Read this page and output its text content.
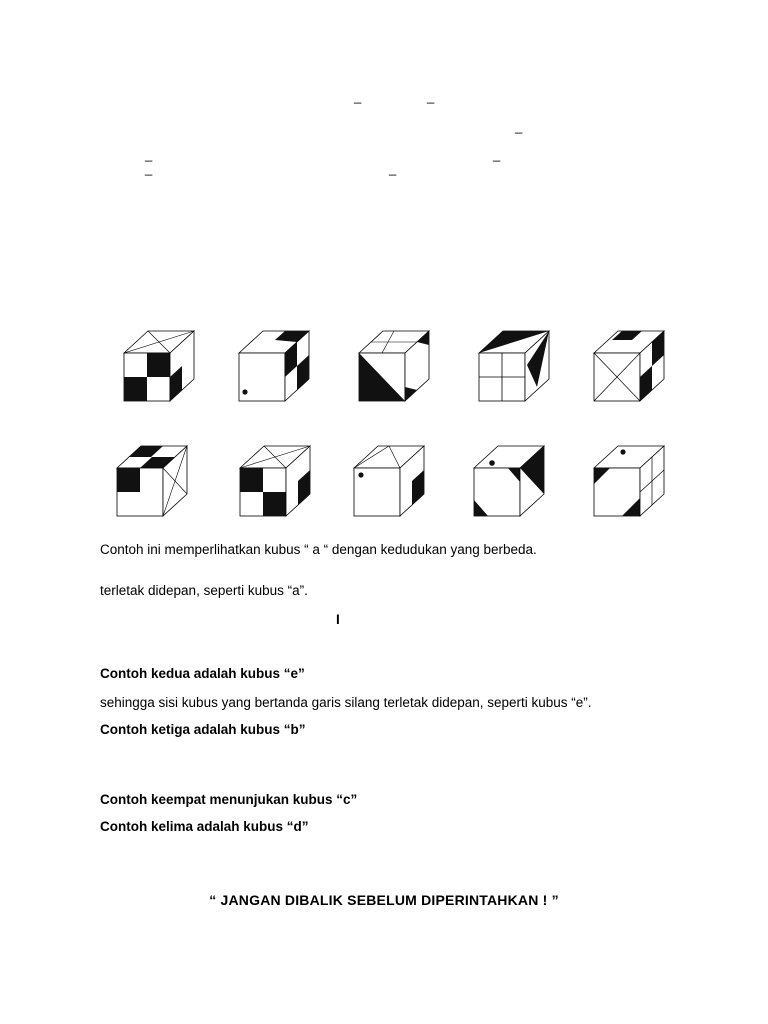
_	_
_
_	_
_	_
Contoh ini memperlihatkan kubus “ a “ dengan kedudukan yang berbeda.
terletak didepan, seperti kubus “a”.
I
Contoh kedua adalah kubus “e”
sehingga sisi kubus yang bertanda garis silang terletak didepan, seperti kubus “e”.
Contoh ketiga adalah kubus “b”
Contoh keempat menunjukan kubus “c”
Contoh kelima adalah kubus “d”
“ JANGAN DIBALIK SEBELUM DIPERINTAHKAN ! ”
